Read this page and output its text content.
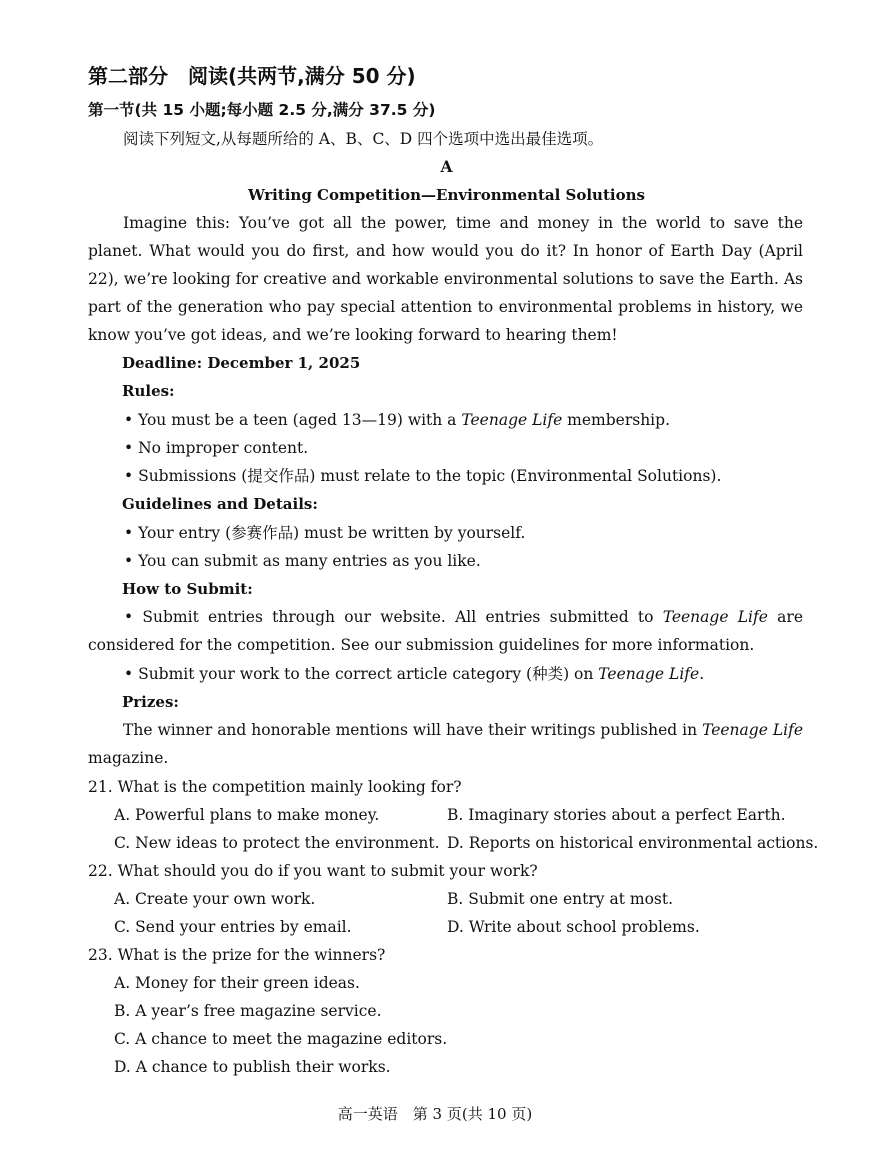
第二部分　阅读(共两节,满分 50 分)
第一节(共 15 小题;每小题 2.5 分,满分 37.5 分)
阅读下列短文,从每题所给的 A、B、C、D 四个选项中选出最佳选项。
A
Writing Competition—Environmental Solutions
Imagine this: You’ve got all the power, time and money in the world to save the planet. What would you do first, and how would you do it? In honor of Earth Day (April 22), we’re looking for creative and workable environmental solutions to save the Earth. As part of the generation who pay special attention to environmental problems in history, we know you’ve got ideas, and we’re looking forward to hearing them!
Deadline: December 1, 2025
Rules:
• You must be a teen (aged 13—19) with a Teenage Life membership.
• No improper content.
• Submissions (提交作品) must relate to the topic (Environmental Solutions).
Guidelines and Details:
• Your entry (参赛作品) must be written by yourself.
• You can submit as many entries as you like.
How to Submit:
• Submit entries through our website. All entries submitted to Teenage Life are considered for the competition. See our submission guidelines for more information.
• Submit your work to the correct article category (种类) on Teenage Life.
Prizes:
The winner and honorable mentions will have their writings published in Teenage Life magazine.
21. What is the competition mainly looking for?
A. Powerful plans to make money.	B. Imaginary stories about a perfect Earth.
C. New ideas to protect the environment. D. Reports on historical environmental actions.
22. What should you do if you want to submit your work?
A. Create your own work.	B. Submit one entry at most.
C. Send your entries by email.	D. Write about school problems.
23. What is the prize for the winners?
A. Money for their green ideas.
B. A year’s free magazine service.
C. A chance to meet the magazine editors.
D. A chance to publish their works.
高一英语　第 3 页(共 10 页)
